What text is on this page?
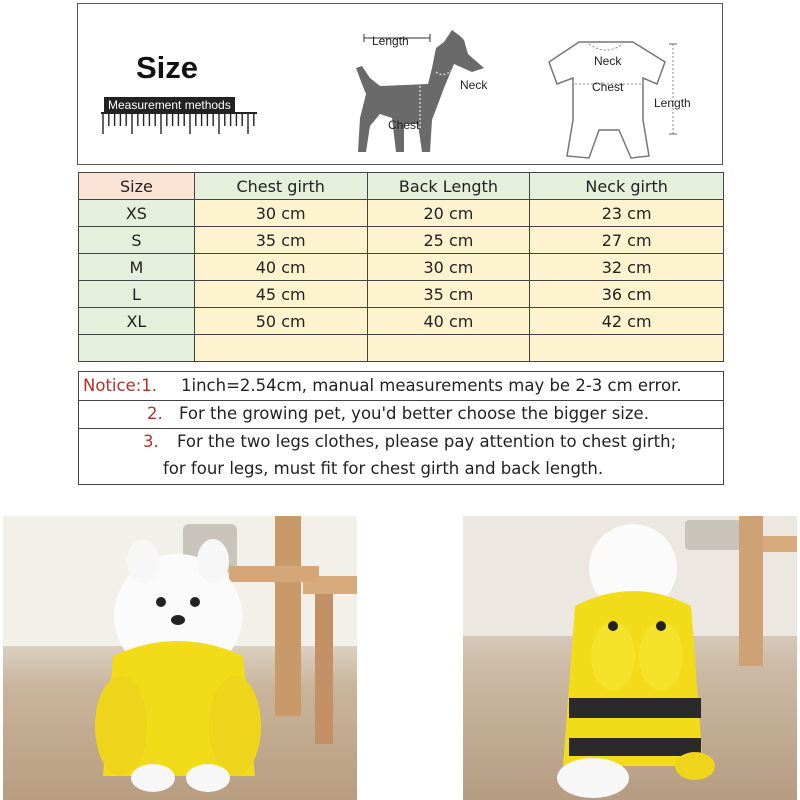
Size
Measurement methods
Length
Neck
Chest
Neck
Chest
Length
Size	Chest girth	Back Length	Neck girth
XS	30 cm	20 cm	23 cm
S	35 cm	25 cm	27 cm
M	40 cm	30 cm	32 cm
L	45 cm	35 cm	36 cm
XL	50 cm	40 cm	42 cm

Notice:1. 1inch=2.54cm, manual measurements may be 2-3 cm error.
2. For the growing pet, you'd better choose the bigger size.
3. For the two legs clothes, please pay attention to chest girth;
for four legs, must fit for chest girth and back length.
